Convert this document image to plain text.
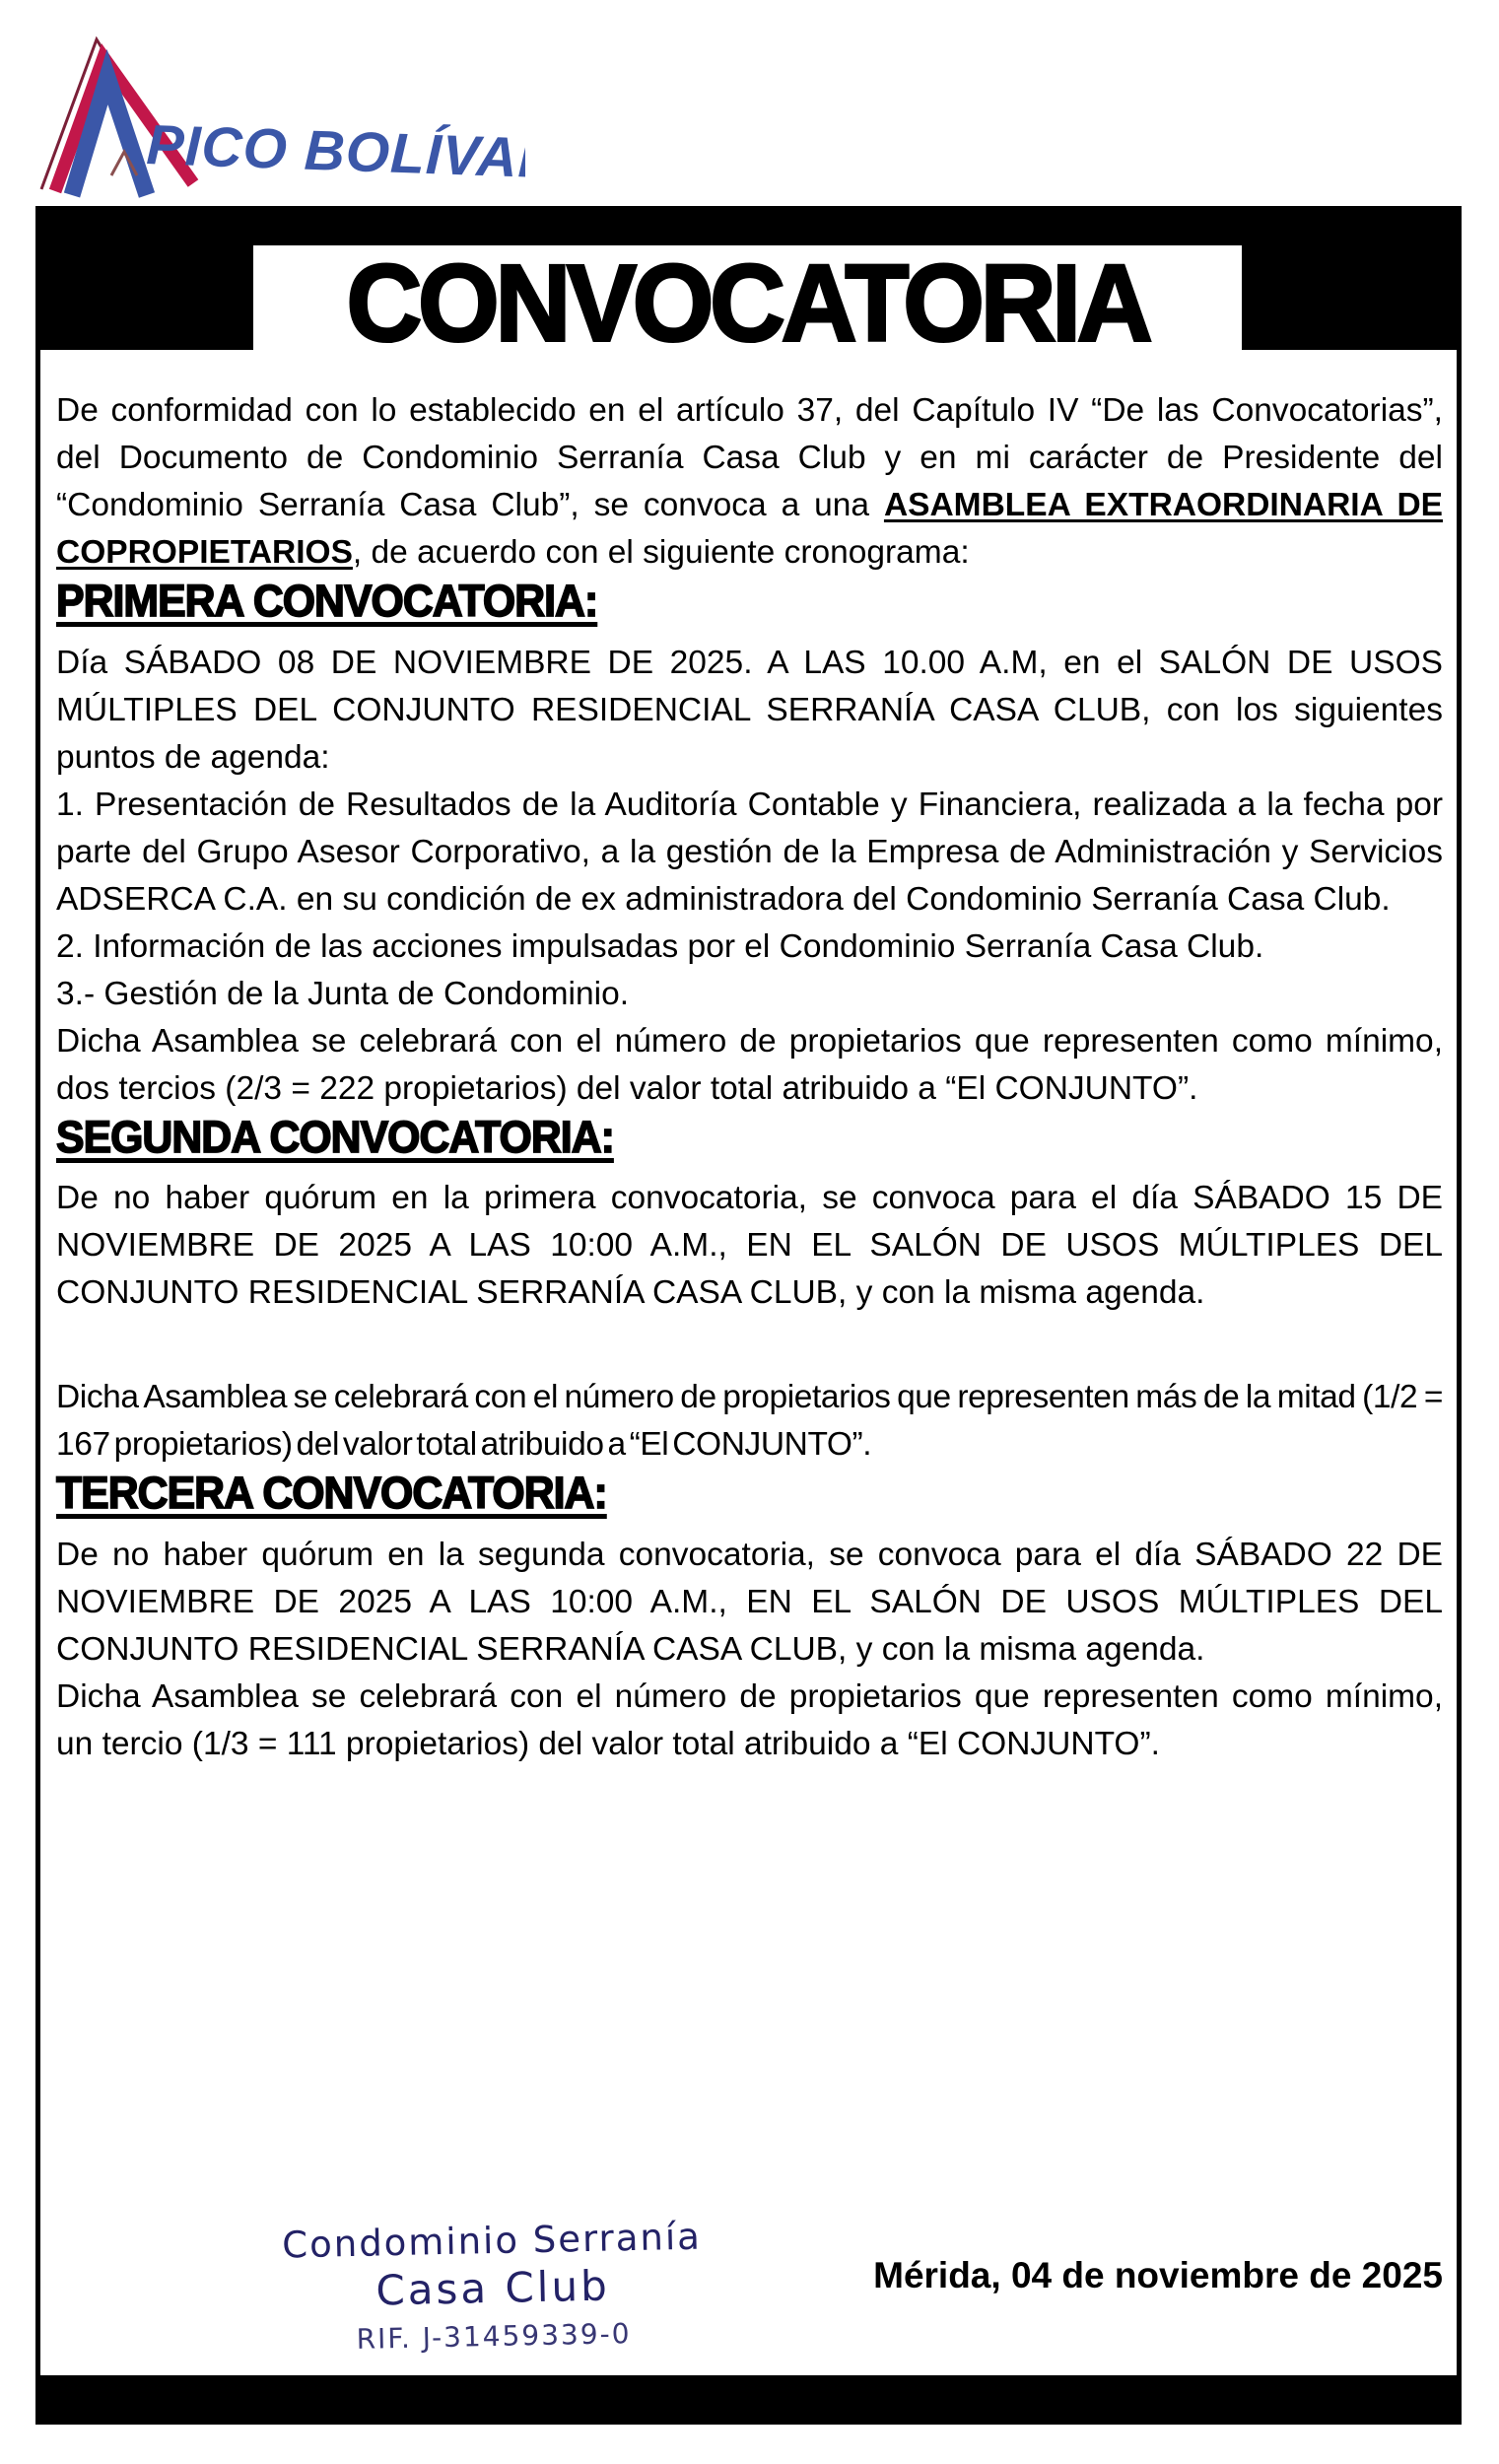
PICO BOLÍVAR
CONVOCATORIA

De conformidad con lo establecido en el artículo 37, del Capítulo IV “De las Convocatorias”, del Documento de Condominio Serranía Casa Club y en mi carácter de Presidente del “Condominio Serranía Casa Club”, se convoca a una ASAMBLEA EXTRAORDINARIA DE COPROPIETARIOS, de acuerdo con el siguiente cronograma:

PRIMERA CONVOCATORIA:

Día SÁBADO 08 DE NOVIEMBRE DE 2025. A LAS 10.00 A.M, en el SALÓN DE USOS MÚLTIPLES DEL CONJUNTO RESIDENCIAL SERRANÍA CASA CLUB, con los siguientes puntos de agenda:

1. Presentación de Resultados de la Auditoría Contable y Financiera, realizada a la fecha por parte del Grupo Asesor Corporativo, a la gestión de la Empresa de Administración y Servicios ADSERCA C.A. en su condición de ex administradora del Condominio Serranía Casa Club.

2. Información de las acciones impulsadas por el Condominio Serranía Casa Club.

3.- Gestión de la Junta de Condominio.

Dicha Asamblea se celebrará con el número de propietarios que representen como mínimo, dos tercios (2/3 = 222 propietarios) del valor total atribuido a “El CONJUNTO”.

SEGUNDA CONVOCATORIA:

De no haber quórum en la primera convocatoria, se convoca para el día SÁBADO 15 DE NOVIEMBRE DE 2025 A LAS 10:00 A.M., EN EL SALÓN DE USOS MÚLTIPLES DEL CONJUNTO RESIDENCIAL SERRANÍA CASA CLUB, y con la misma agenda.

Dicha Asamblea se celebrará con el número de propietarios que representen más de la mitad (1/2 = 167 propietarios) del valor total atribuido a “El CONJUNTO”.

TERCERA CONVOCATORIA:

De no haber quórum en la segunda convocatoria, se convoca para el día SÁBADO 22 DE NOVIEMBRE DE 2025 A LAS 10:00 A.M., EN EL SALÓN DE USOS MÚLTIPLES DEL CONJUNTO RESIDENCIAL SERRANÍA CASA CLUB, y con la misma agenda.

Dicha Asamblea se celebrará con el número de propietarios que representen como mínimo, un tercio (1/3 = 111 propietarios) del valor total atribuido a “El CONJUNTO”.

Condominio Serranía
Casa Club
RIF. J-31459339-0
Mérida, 04 de noviembre de 2025
